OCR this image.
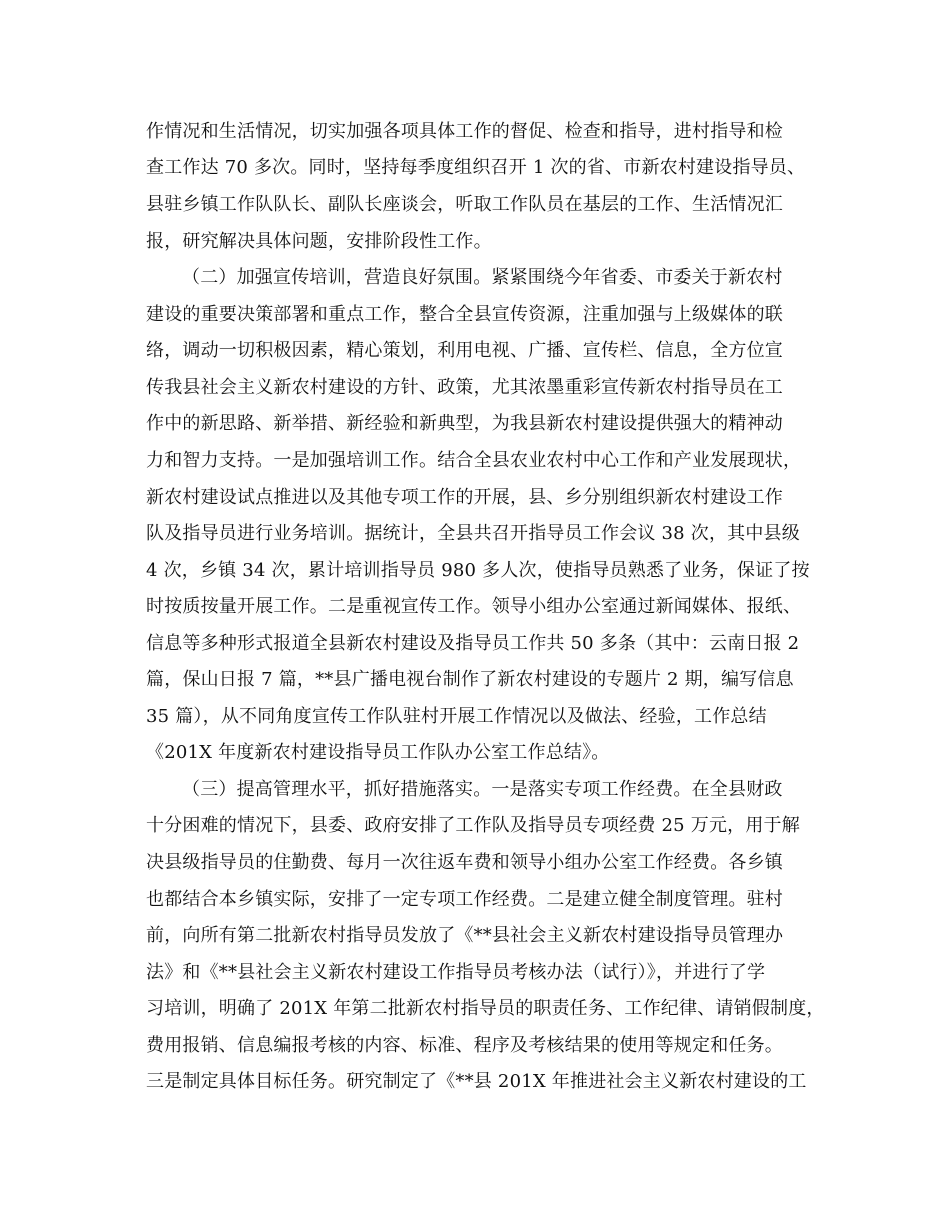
作情况和生活情况，切实加强各项具体工作的督促、检查和指导，进村指导和检
查工作达 70 多次。同时，坚持每季度组织召开 1 次的省、市新农村建设指导员、
县驻乡镇工作队队长、副队长座谈会，听取工作队员在基层的工作、生活情况汇
报，研究解决具体问题，安排阶段性工作。
（二）加强宣传培训，营造良好氛围。紧紧围绕今年省委、市委关于新农村
建设的重要决策部署和重点工作，整合全县宣传资源，注重加强与上级媒体的联
络，调动一切积极因素，精心策划，利用电视、广播、宣传栏、信息，全方位宣
传我县社会主义新农村建设的方针、政策，尤其浓墨重彩宣传新农村指导员在工
作中的新思路、新举措、新经验和新典型，为我县新农村建设提供强大的精神动
力和智力支持。一是加强培训工作。结合全县农业农村中心工作和产业发展现状，
新农村建设试点推进以及其他专项工作的开展，县、乡分别组织新农村建设工作
队及指导员进行业务培训。据统计，全县共召开指导员工作会议 38 次，其中县级
4 次，乡镇 34 次，累计培训指导员 980 多人次，使指导员熟悉了业务，保证了按
时按质按量开展工作。二是重视宣传工作。领导小组办公室通过新闻媒体、报纸、
信息等多种形式报道全县新农村建设及指导员工作共 50 多条（其中：云南日报 2
篇，保山日报 7 篇，**县广播电视台制作了新农村建设的专题片 2 期，编写信息
35 篇），从不同角度宣传工作队驻村开展工作情况以及做法、经验，工作总结
《201X 年度新农村建设指导员工作队办公室工作总结》。
（三）提高管理水平，抓好措施落实。一是落实专项工作经费。在全县财政
十分困难的情况下，县委、政府安排了工作队及指导员专项经费 25 万元，用于解
决县级指导员的住勤费、每月一次往返车费和领导小组办公室工作经费。各乡镇
也都结合本乡镇实际，安排了一定专项工作经费。二是建立健全制度管理。驻村
前，向所有第二批新农村指导员发放了《**县社会主义新农村建设指导员管理办
法》和《**县社会主义新农村建设工作指导员考核办法（试行）》，并进行了学
习培训，明确了 201X 年第二批新农村指导员的职责任务、工作纪律、请销假制度，
费用报销、信息编报考核的内容、标准、程序及考核结果的使用等规定和任务。
三是制定具体目标任务。研究制定了《**县 201X 年推进社会主义新农村建设的工
